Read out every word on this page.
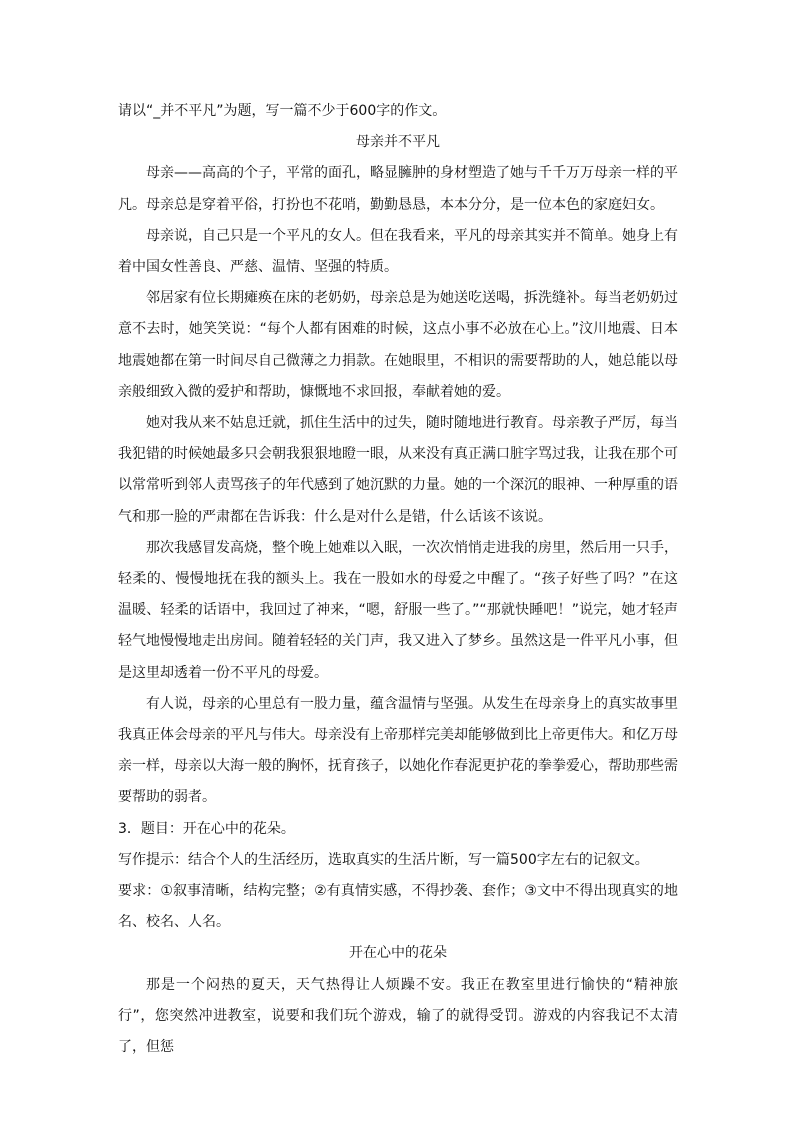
请以“_并不平凡”为题，写一篇不少于600字的作文。

母亲并不平凡

母亲——高高的个子，平常的面孔，略显臃肿的身材塑造了她与千千万万母亲一样的平凡。母亲总是穿着平俗，打扮也不花哨，勤勤恳恳，本本分分，是一位本色的家庭妇女。

母亲说，自己只是一个平凡的女人。但在我看来，平凡的母亲其实并不简单。她身上有着中国女性善良、严慈、温情、坚强的特质。

邻居家有位长期瘫痪在床的老奶奶，母亲总是为她送吃送喝，拆洗缝补。每当老奶奶过意不去时，她笑笑说：“每个人都有困难的时候，这点小事不必放在心上。”汶川地震、日本地震她都在第一时间尽自己微薄之力捐款。在她眼里，不相识的需要帮助的人，她总能以母亲般细致入微的爱护和帮助，慷慨地不求回报，奉献着她的爱。

她对我从来不姑息迁就，抓住生活中的过失，随时随地进行教育。母亲教子严厉，每当我犯错的时候她最多只会朝我狠狠地瞪一眼，从来没有真正满口脏字骂过我，让我在那个可以常常听到邻人责骂孩子的年代感到了她沉默的力量。她的一个深沉的眼神、一种厚重的语气和那一脸的严肃都在告诉我：什么是对什么是错，什么话该不该说。

那次我感冒发高烧，整个晚上她难以入眠，一次次悄悄走进我的房里，然后用一只手，轻柔的、慢慢地抚在我的额头上。我在一股如水的母爱之中醒了。“孩子好些了吗？”在这温暖、轻柔的话语中，我回过了神来，“嗯，舒服一些了。”“那就快睡吧！”说完，她才轻声轻气地慢慢地走出房间。随着轻轻的关门声，我又进入了梦乡。虽然这是一件平凡小事，但是这里却透着一份不平凡的母爱。

有人说，母亲的心里总有一股力量，蕴含温情与坚强。从发生在母亲身上的真实故事里我真正体会母亲的平凡与伟大。母亲没有上帝那样完美却能够做到比上帝更伟大。和亿万母亲一样，母亲以大海一般的胸怀，抚育孩子，以她化作春泥更护花的拳拳爱心，帮助那些需要帮助的弱者。

3．题目：开在心中的花朵。

写作提示：结合个人的生活经历，选取真实的生活片断，写一篇500字左右的记叙文。

要求：①叙事清晰，结构完整；②有真情实感，不得抄袭、套作；③文中不得出现真实的地名、校名、人名。

开在心中的花朵

那是一个闷热的夏天，天气热得让人烦躁不安。我正在教室里进行愉快的“精神旅行”，您突然冲进教室，说要和我们玩个游戏，输了的就得受罚。游戏的内容我记不太清了，但惩
